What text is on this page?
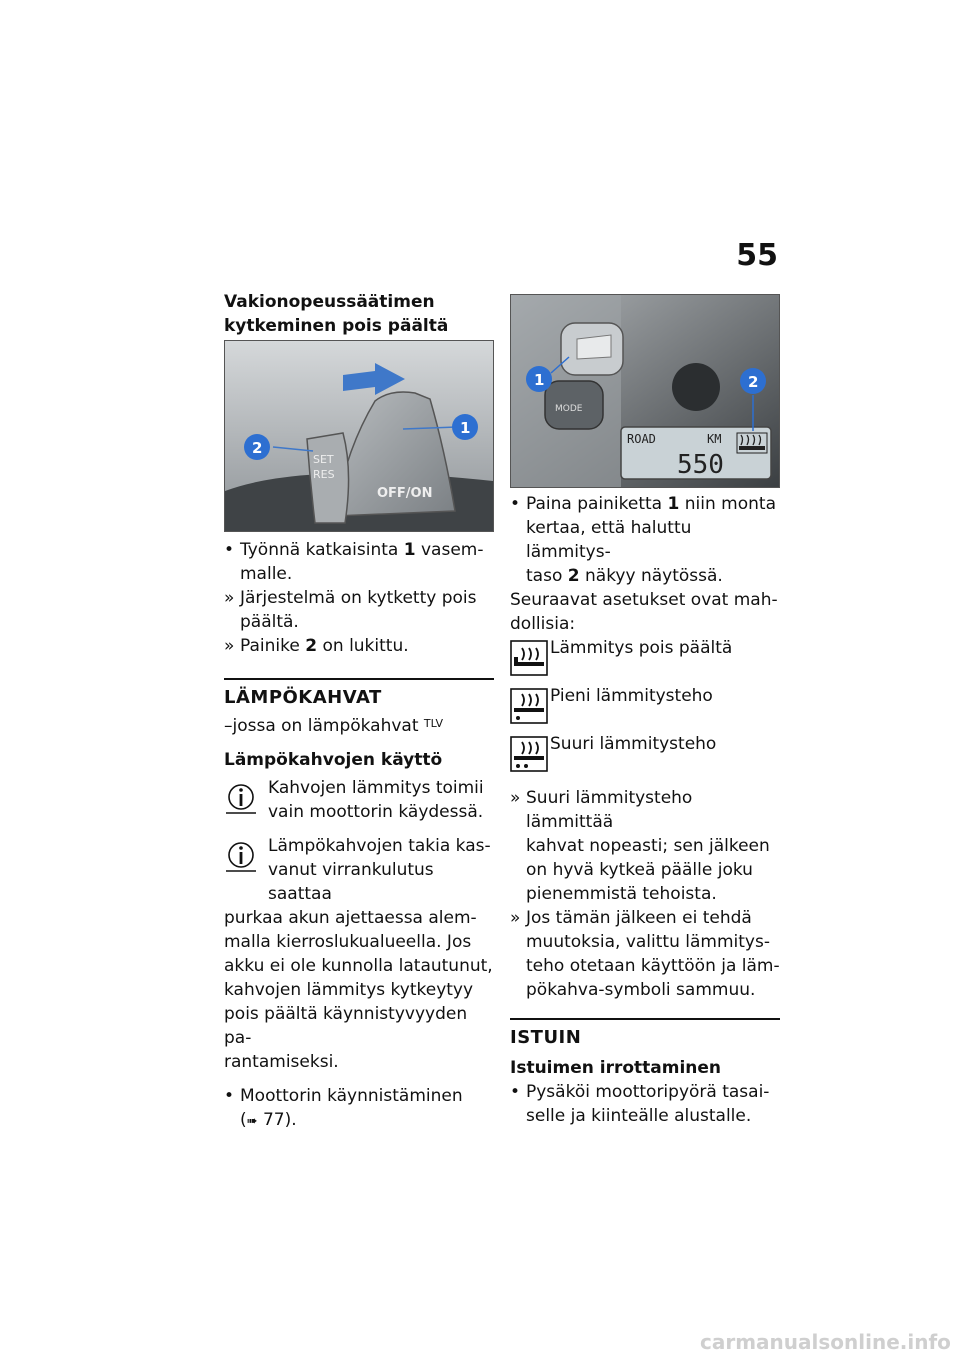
55
Vakionopeussäätimen
kytkeminen pois päältä
SET
RES
OFF/ON
1
2
• Työnnä katkaisinta 1 vasem-
malle.
» Järjestelmä on kytketty pois
päältä.
» Painike 2 on lukittu.
LÄMPÖKAHVAT
–jossa on lämpökahvat $^{TLV}$
Lämpökahvojen käyttö
Kahvojen lämmitys toimii
vain moottorin käydessä.
Lämpökahvojen takia kas-
vanut virrankulutus saattaa
purkaa akun ajettaessa alem-
malla kierroslukualueella. Jos
akku ei ole kunnolla latautunut,
kahvojen lämmitys kytkeytyy
pois päältä käynnistyvyyden pa-
rantamiseksi.
• Moottorin käynnistäminen
(➠ 77).
MODE
ROAD	KM
550
1	2
• Paina painiketta 1 niin monta
kertaa, että haluttu lämmitys-
taso 2 näkyy näytössä.
Seuraavat asetukset ovat mah-
dollisia:
Lämmitys pois päältä
Pieni lämmitysteho
Suuri lämmitysteho
» Suuri lämmitysteho lämmittää
kahvat nopeasti; sen jälkeen
on hyvä kytkeä päälle joku
pienemmistä tehoista.
» Jos tämän jälkeen ei tehdä
muutoksia, valittu lämmitys-
teho otetaan käyttöön ja läm-
pökahva-symboli sammuu.
ISTUIN
Istuimen irrottaminen
• Pysäköi moottoripyörä tasai-
selle ja kiinteälle alustalle.
carmanualsonline.info
